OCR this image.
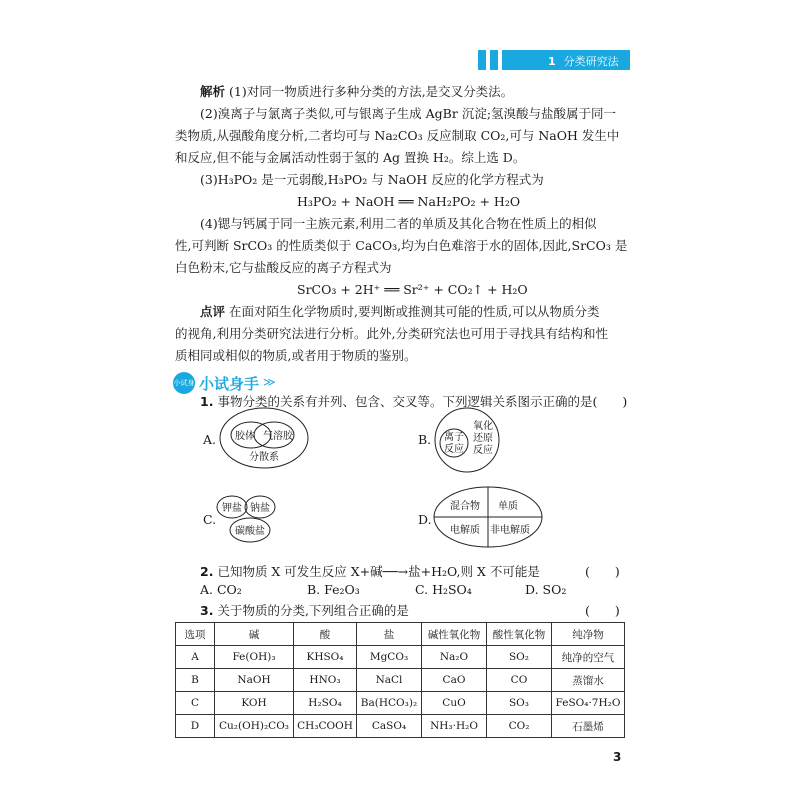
1 分类研究法
解析 (1)对同一物质进行多种分类的方法,是交叉分类法。
(2)溴离子与氯离子类似,可与银离子生成 AgBr 沉淀;氢溴酸与盐酸属于同一
类物质,从强酸角度分析,二者均可与 Na₂CO₃ 反应制取 CO₂,可与 NaOH 发生中
和反应,但不能与金属活动性弱于氢的 Ag 置换 H₂。综上选 D。
(3)H₃PO₂ 是一元弱酸,H₃PO₂ 与 NaOH 反应的化学方程式为
H₃PO₂ + NaOH ══ NaH₂PO₂ + H₂O
(4)锶与钙属于同一主族元素,利用二者的单质及其化合物在性质上的相似
性,可判断 SrCO₃ 的性质类似于 CaCO₃,均为白色难溶于水的固体,因此,SrCO₃ 是
白色粉末,它与盐酸反应的离子方程式为
SrCO₃ + 2H⁺ ══ Sr²⁺ + CO₂↑ + H₂O
点评 在面对陌生化学物质时,要判断或推测其可能的性质,可以从物质分类
的视角,利用分类研究法进行分析。此外,分类研究法也可用于寻找具有结构和性
质相同或相似的物质,或者用于物质的鉴别。
小试身手
小试身手 ≫
1. 事物分类的关系有并列、包含、交叉等。下列逻辑关系图示正确的是(　　)
A. 胶体 气溶胶
分散系
B. 离子
反应
氧化
还原
反应
C.
钾盐 钠盐
碳酸盐
D.
混合物 单质
电解质 非电解质
2. 已知物质 X 可发生反应 X+碱──→盐+H₂O,则 X 不可能是	(　　)
A. CO₂	B. Fe₂O₃	C. H₂SO₄	D. SO₂
3. 关于物质的分类,下列组合正确的是	(　　)
选项	碱	酸	盐	碱性氧化物	酸性氧化物	纯净物
A	Fe(OH)₃	KHSO₄	MgCO₃	Na₂O	SO₂	纯净的空气
B	NaOH	HNO₃	NaCl	CaO	CO	蒸馏水
C	KOH	H₂SO₄	Ba(HCO₃)₂	CuO	SO₃	FeSO₄·7H₂O
D	Cu₂(OH)₂CO₃	CH₃COOH	CaSO₄	NH₃·H₂O	CO₂	石墨烯
3
